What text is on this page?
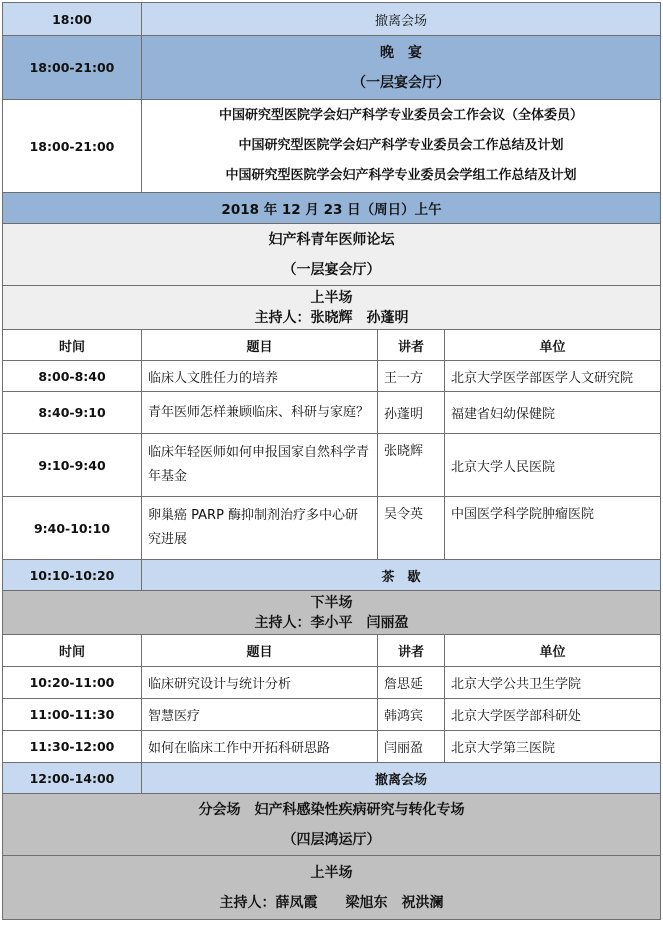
18:00	撤离会场		
18:00-21:00	晚　宴
（一层宴会厅）		

18:00-21:00	中国研究型医院学会妇产科学专业委员会工作会议（全体委员）
中国研究型医院学会妇产科学专业委员会工作总结及计划
中国研究型医院学会妇产科学专业委员会学组工作总结及计划		

2018 年 12 月 23 日（周日）上午			

妇产科青年医师论坛
（一层宴会厅）			

上半场
主持人：张晓辉　孙蓬明			

时间	题目	讲者	单位
8:00-8:40	临床人文胜任力的培养	王一方	北京大学医学部医学人文研究院
8:40-9:10	青年医师怎样兼顾临床、科研与家庭？	孙蓬明	福建省妇幼保健院
9:10-9:40	临床年轻医师如何申报国家自然科学青年基金	张晓辉	北京大学人民医院
9:40-10:10	卵巢癌 PARP 酶抑制剂治疗多中心研究进展	吴令英	中国医学科学院肿瘤医院
10:10-10:20	茶　歇		

下半场
主持人：李小平　闫丽盈			

时间	题目	讲者	单位
10:20-11:00	临床研究设计与统计分析	詹思延	北京大学公共卫生学院
11:00-11:30	智慧医疗	韩鸿宾	北京大学医学部科研处
11:30-12:00	如何在临床工作中开拓科研思路	闫丽盈	北京大学第三医院
12:00-14:00	撤离会场		

分会场　妇产科感染性疾病研究与转化专场
（四层鸿运厅）			

上半场
主持人：薛凤霞　　梁旭东　祝洪澜			
